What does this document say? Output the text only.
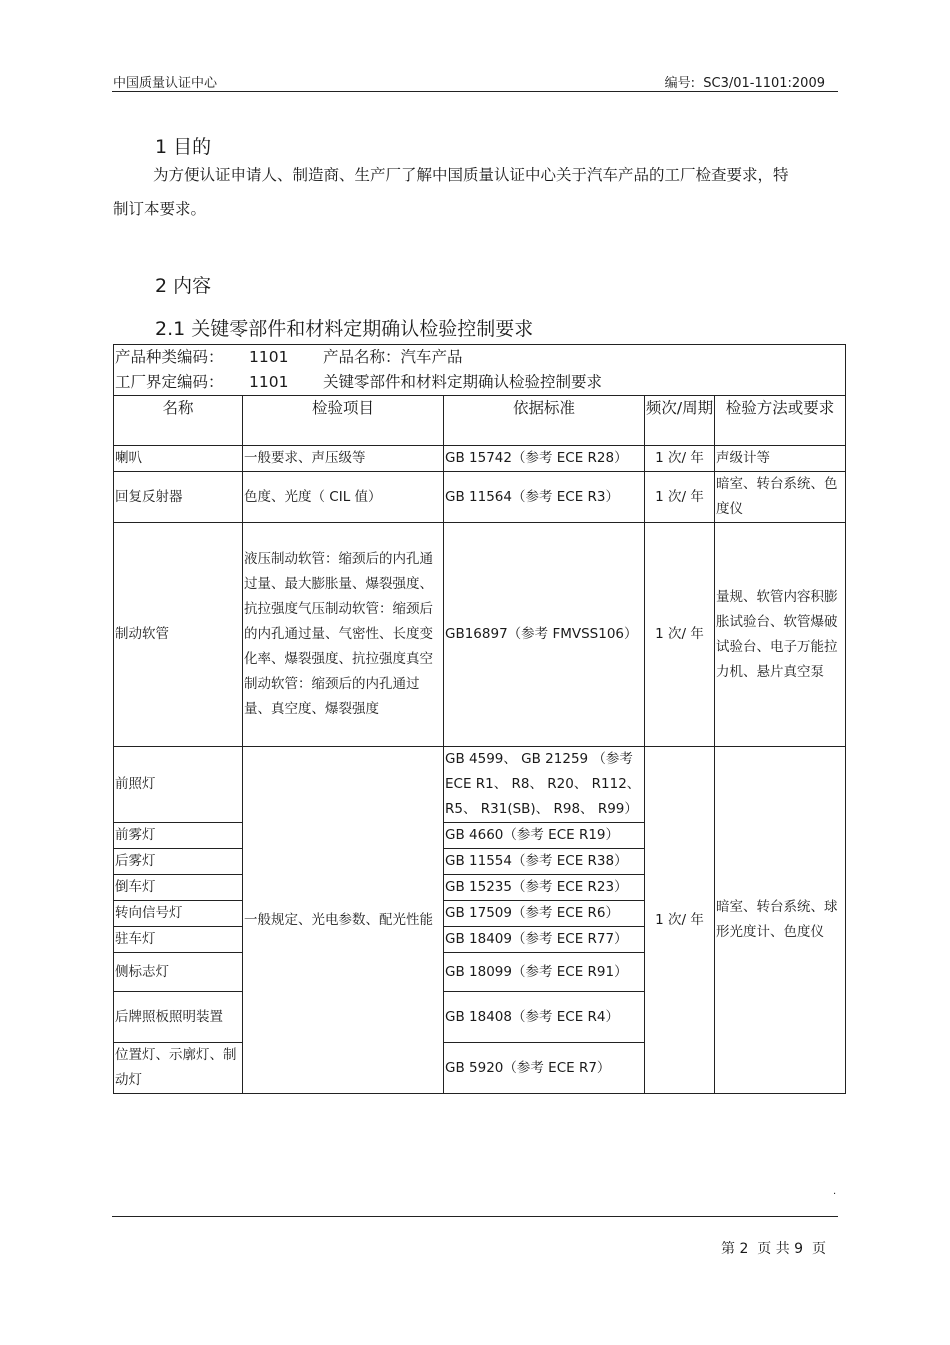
中国质量认证中心	编号: SC3/01-1101:2009
1 目的
为方便认证申请人、制造商、生产厂了解中国质量认证中心关于汽车产品的工厂检查要求，特制订本要求。
2 内容
2.1 关键零部件和材料定期确认检验控制要求
产品种类编码： 1101 产品名称：汽车产品
工厂界定编码： 1101 关键零部件和材料定期确认检验控制要求				

名称	检验项目	依据标准	频次/周期	检验方法或要求
喇叭	一般要求、声压级等	GB 15742（参考 ECE R28）	1 次/ 年	声级计等
回复反射器	色度、光度（ CIL 值）	GB 11564（参考 ECE R3）	1 次/ 年	暗室、转台系统、色度仪
制动软管	液压制动软管：缩颈后的内孔通过量、最大膨胀量、爆裂强度、抗拉强度气压制动软管：缩颈后的内孔通过量、气密性、长度变化率、爆裂强度、抗拉强度真空制动软管：缩颈后的内孔通过量、真空度、爆裂强度	GB16897（参考 FMVSS106）	1 次/ 年	量规、软管内容积膨胀试验台、软管爆破试验台、电子万能拉力机、悬片真空泵
前照灯	一般规定、光电参数、配光性能	GB 4599、 GB 21259 （参考 ECE R1、 R8、 R20、 R112、 R5、 R31(SB)、 R98、 R99）	1 次/ 年	暗室、转台系统、球形光度计、色度仪
前雾灯		GB 4660（参考 ECE R19）		
后雾灯		GB 11554（参考 ECE R38）		
倒车灯		GB 15235（参考 ECE R23）		
转向信号灯		GB 17509（参考 ECE R6）		
驻车灯		GB 18409（参考 ECE R77）		
侧标志灯		GB 18099（参考 ECE R91）		
后牌照板照明装置		GB 18408（参考 ECE R4）		
位置灯、示廓灯、制动灯		GB 5920（参考 ECE R7）		
.
第 2 页 共 9 页
